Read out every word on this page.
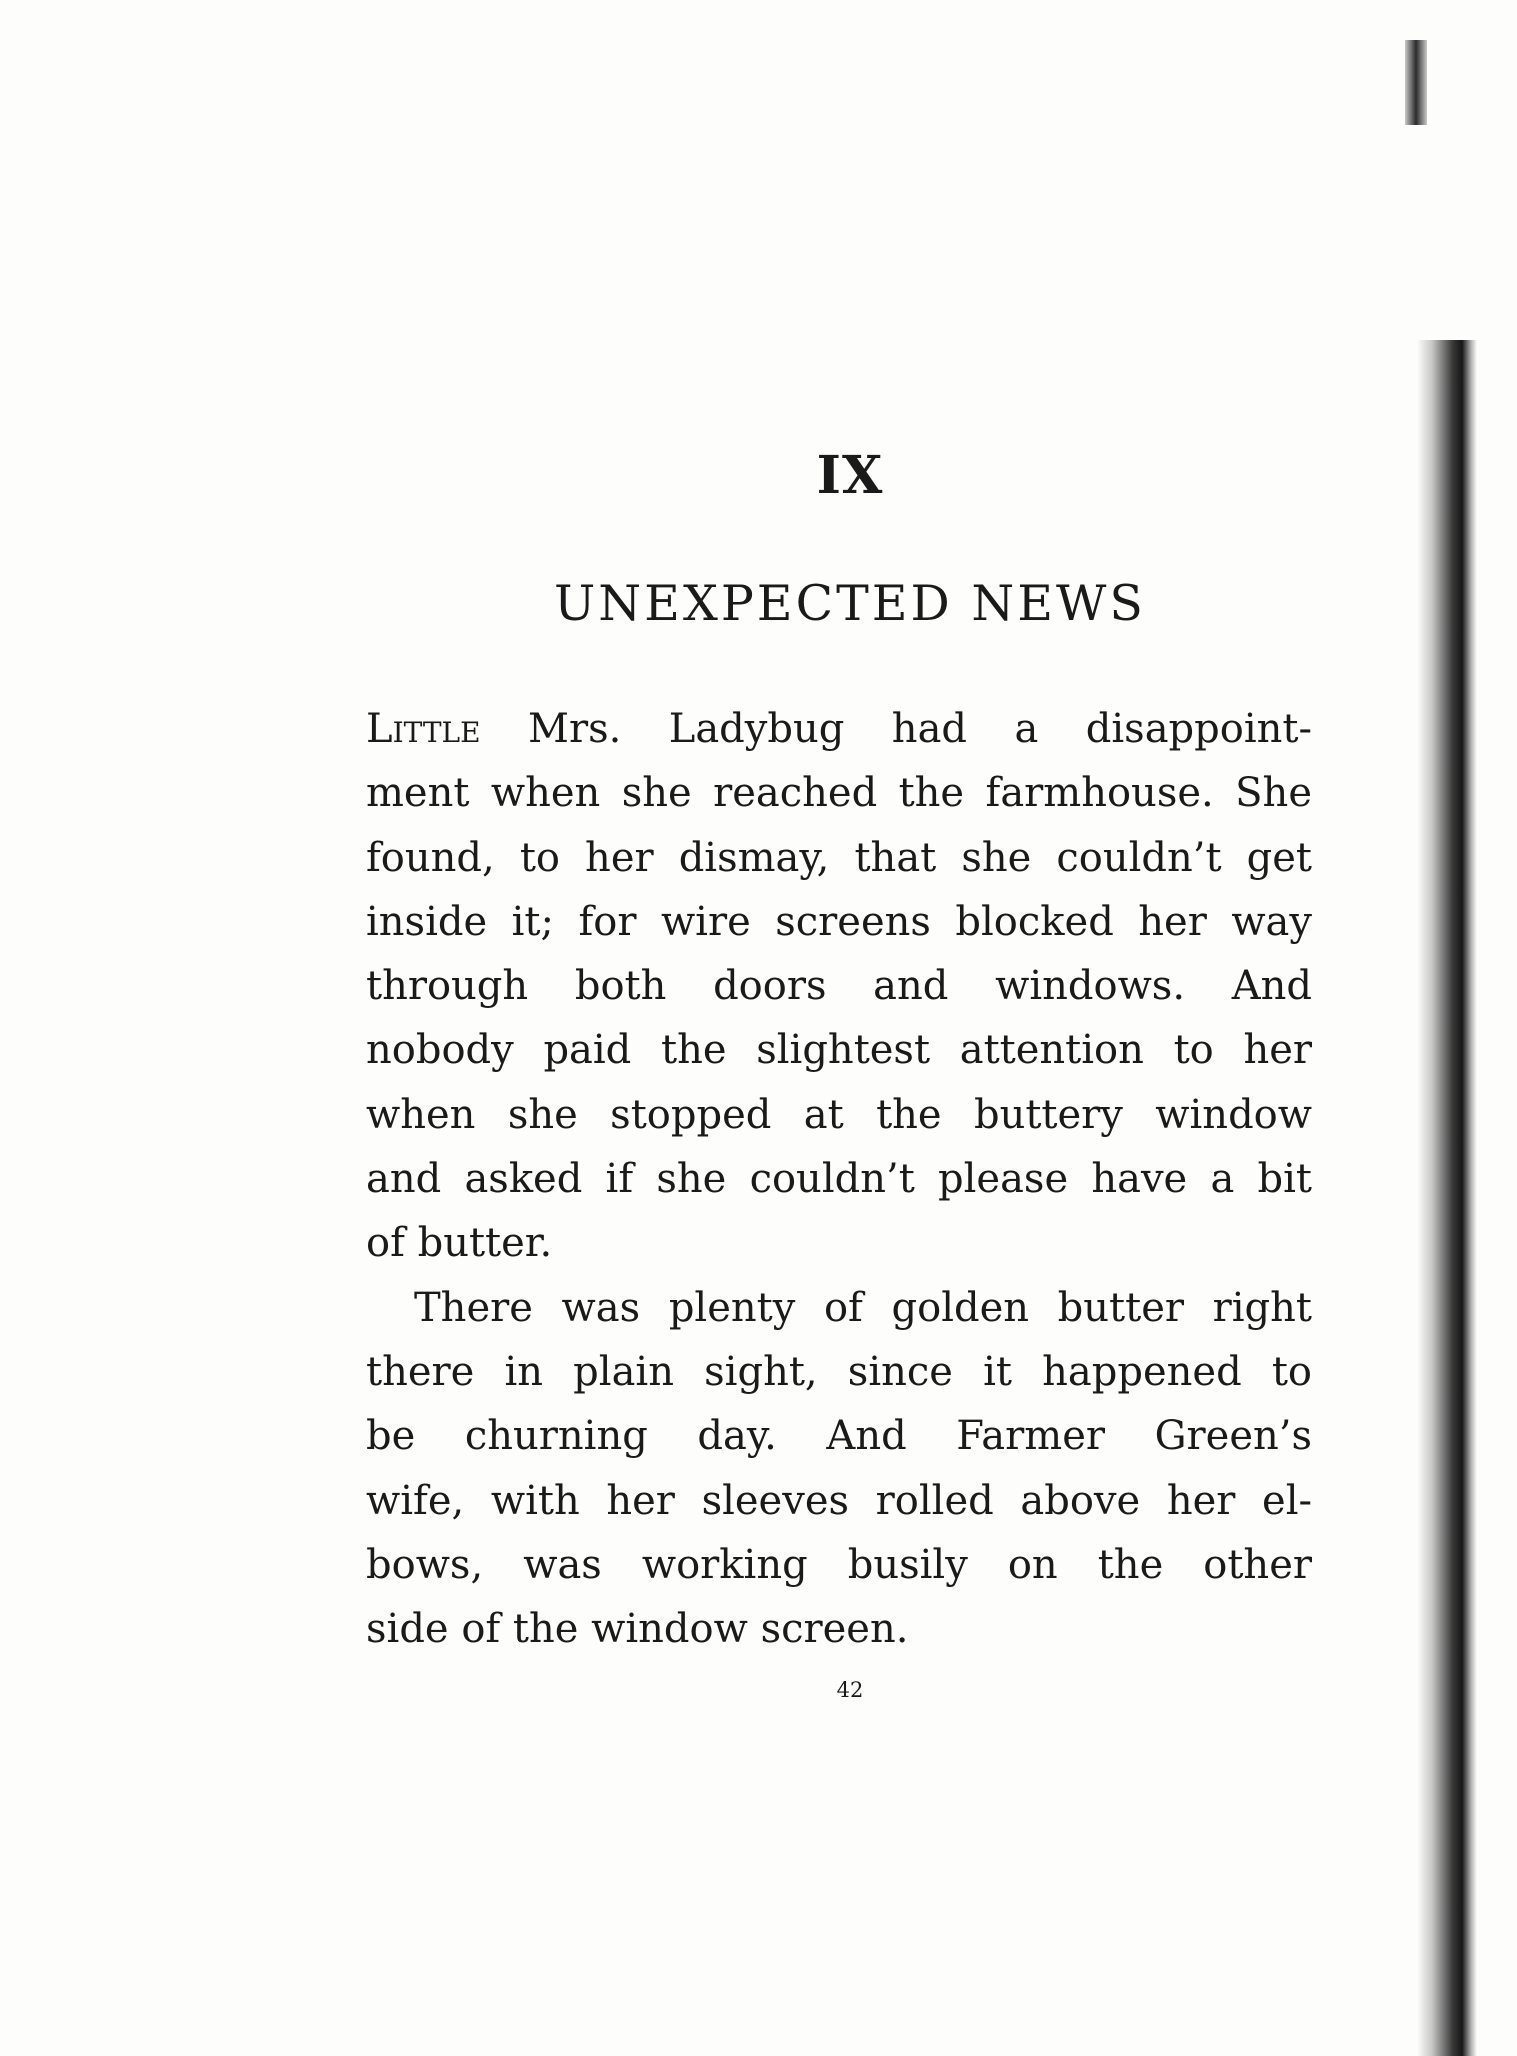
IX
UNEXPECTED NEWS

Little Mrs. Ladybug had a disappoint-
ment when she reached the farmhouse. She
found, to her dismay, that she couldn’t get
inside it; for wire screens blocked her way
through both doors and windows. And
nobody paid the slightest attention to her
when she stopped at the buttery window
and asked if she couldn’t please have a bit
of butter.

There was plenty of golden butter right
there in plain sight, since it happened to
be churning day. And Farmer Green’s
wife, with her sleeves rolled above her el-
bows, was working busily on the other
side of the window screen.

42
